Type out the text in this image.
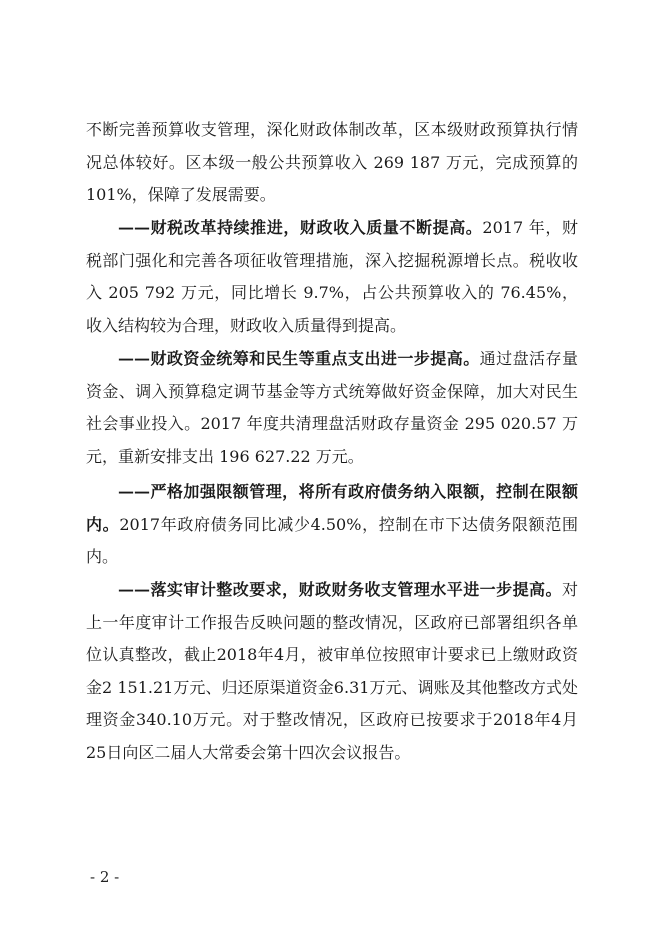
不断完善预算收支管理，深化财政体制改革，区本级财政预算执行情况总体较好。区本级一般公共预算收入 269 187 万元，完成预算的 101%，保障了发展需要。

——财税改革持续推进，财政收入质量不断提高。2017 年，财税部门强化和完善各项征收管理措施，深入挖掘税源增长点。税收收入 205 792 万元，同比增长 9.7%，占公共预算收入的 76.45%，收入结构较为合理，财政收入质量得到提高。

——财政资金统筹和民生等重点支出进一步提高。通过盘活存量资金、调入预算稳定调节基金等方式统筹做好资金保障，加大对民生社会事业投入。2017 年度共清理盘活财政存量资金 295 020.57 万元，重新安排支出 196 627.22 万元。

——严格加强限额管理，将所有政府债务纳入限额，控制在限额内。2017年政府债务同比减少4.50%，控制在市下达债务限额范围内。

——落实审计整改要求，财政财务收支管理水平进一步提高。对上一年度审计工作报告反映问题的整改情况，区政府已部署组织各单位认真整改，截止2018年4月，被审单位按照审计要求已上缴财政资金2 151.21万元、归还原渠道资金6.31万元、调账及其他整改方式处理资金340.10万元。对于整改情况，区政府已按要求于2018年4月25日向区二届人大常委会第十四次会议报告。

- 2 -
